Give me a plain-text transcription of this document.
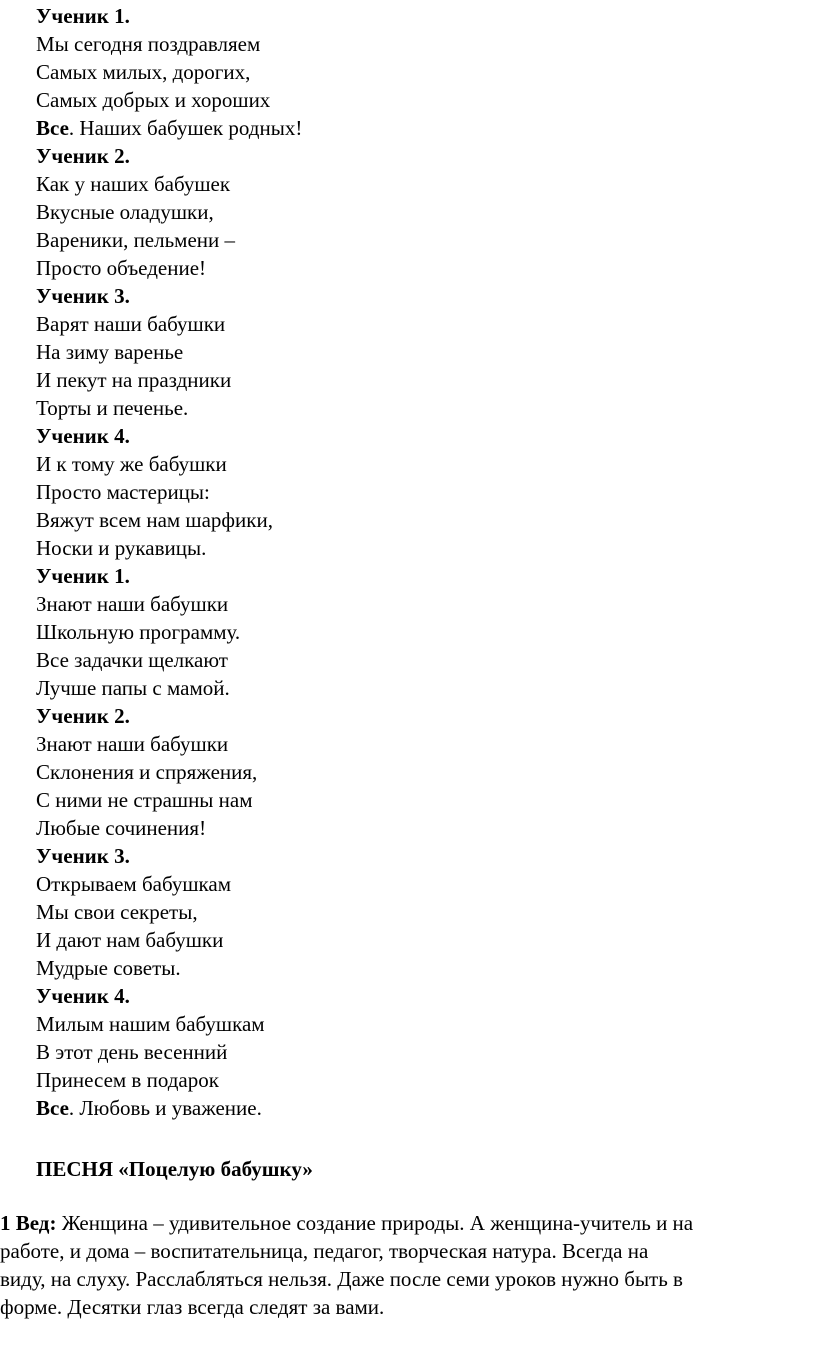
Ученик 1.
Мы сегодня поздравляем
Самых милых, дорогих,
Самых добрых и хороших
Все. Наших бабушек родных!
Ученик 2.
Как у наших бабушек
Вкусные оладушки,
Вареники, пельмени –
Просто объедение!
Ученик 3.
Варят наши бабушки
На зиму варенье
И пекут на праздники
Торты и печенье.
Ученик 4.
И к тому же бабушки
Просто мастерицы:
Вяжут всем нам шарфики,
Носки и рукавицы.
Ученик 1.
Знают наши бабушки
Школьную программу.
Все задачки щелкают
Лучше папы с мамой.
Ученик 2.
Знают наши бабушки
Склонения и спряжения,
С ними не страшны нам
Любые сочинения!
Ученик 3.
Открываем бабушкам
Мы свои секреты,
И дают нам бабушки
Мудрые советы.
Ученик 4.
Милым нашим бабушкам
В этот день весенний
Принесем в подарок
Все. Любовь и уважение.
ПЕСНЯ «Поцелую бабушку»
1 Вед: Женщина – удивительное создание природы. А женщина-учитель и на
работе, и дома – воспитательница, педагог, творческая натура. Всегда на
виду, на слуху. Расслабляться нельзя. Даже после семи уроков нужно быть в
форме. Десятки глаз всегда следят за вами.
